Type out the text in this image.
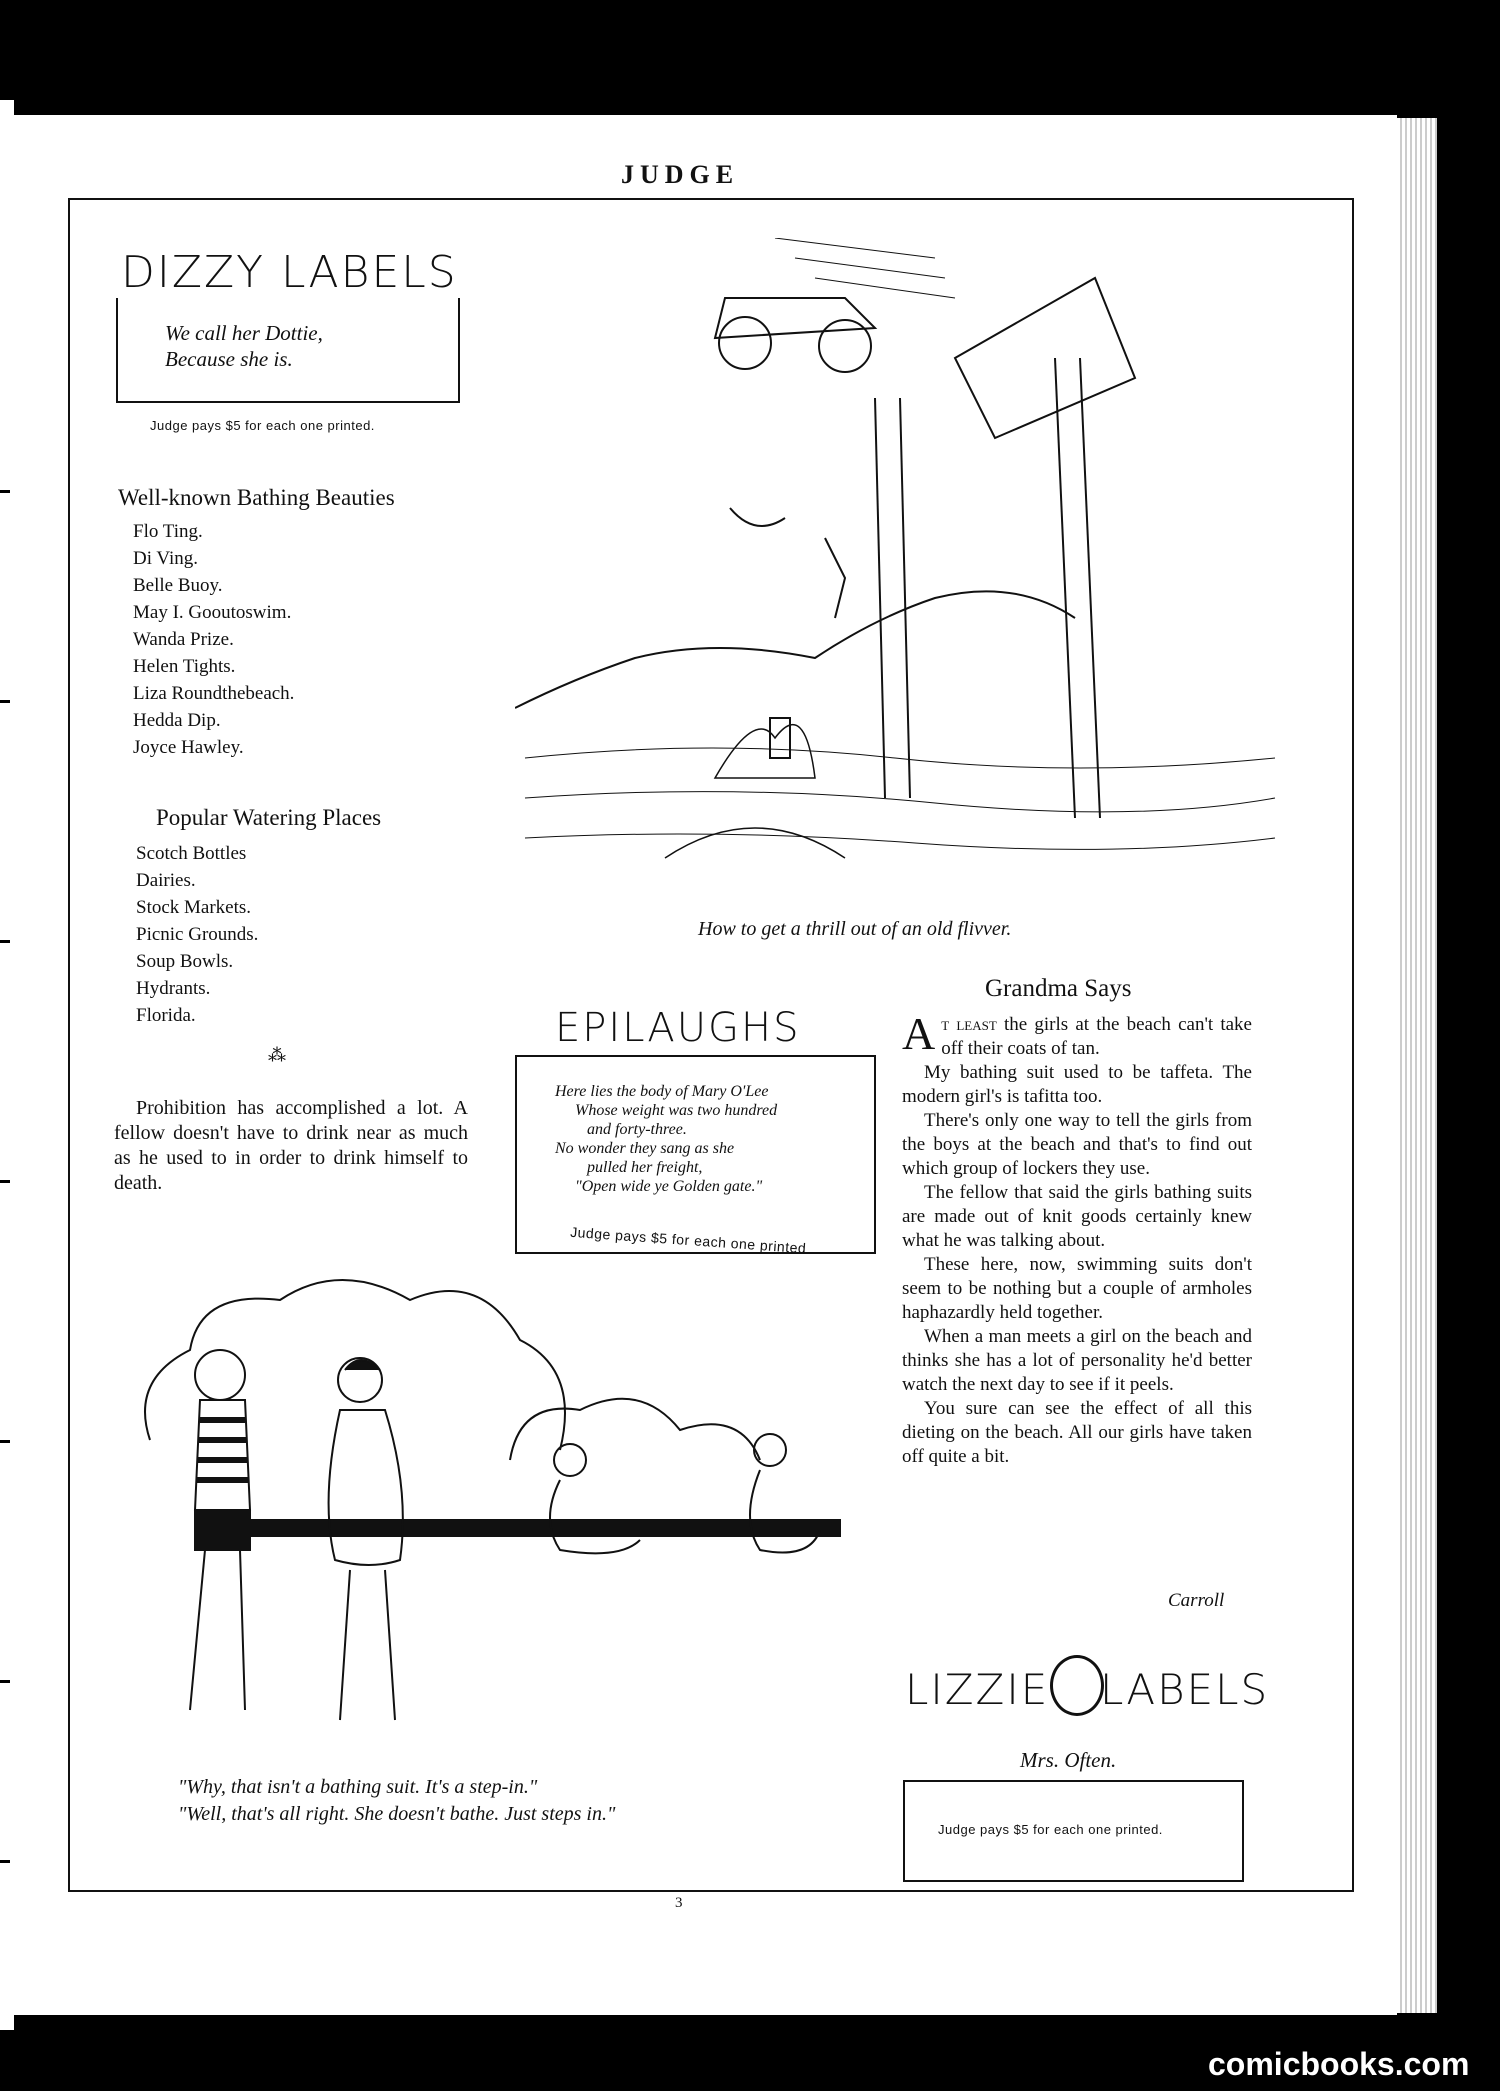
JUDGE
DIZZY LABELS
We call her Dottie,
Because she is.
Judge pays $5 for each one printed.
Well-known Bathing Beauties
Flo Ting.
Di Ving.
Belle Buoy.
May I. Gooutoswim.
Wanda Prize.
Helen Tights.
Liza Roundthebeach.
Hedda Dip.
Joyce Hawley.
Popular Watering Places
Scotch Bottles
Dairies.
Stock Markets.
Picnic Grounds.
Soup Bowls.
Hydrants.
Florida.
⁂
Prohibition has accomplished a lot. A fellow doesn't have to drink near as much as he used to in order to drink himself to death.
How to get a thrill out of an old flivver.
EPILAUGHS
Here lies the body of Mary O'Lee
Whose weight was two hundred
and forty-three.
No wonder they sang as she
pulled her freight,
"Open wide ye Golden gate."
Judge pays $5 for each one printed
Grandma Says

At least the girls at the beach can't take off their coats of tan.

My bathing suit used to be taffeta. The modern girl's is tafitta too.

There's only one way to tell the girls from the boys at the beach and that's to find out which group of lockers they use.

The fellow that said the girls bathing suits are made out of knit goods certainly knew what he was talking about.

These here, now, swimming suits don't seem to be nothing but a couple of armholes haphazardly held together.

When a man meets a girl on the beach and thinks she has a lot of personality he'd better watch the next day to see if it peels.

You sure can see the effect of all this dieting on the beach. All our girls have taken off quite a bit.

Carroll
LIZZIE LABELS
Mrs. Often.
Judge pays $5 for each one printed.
"Why, that isn't a bathing suit. It's a step-in."
"Well, that's all right. She doesn't bathe. Just steps in."
3
comicbooks.com
